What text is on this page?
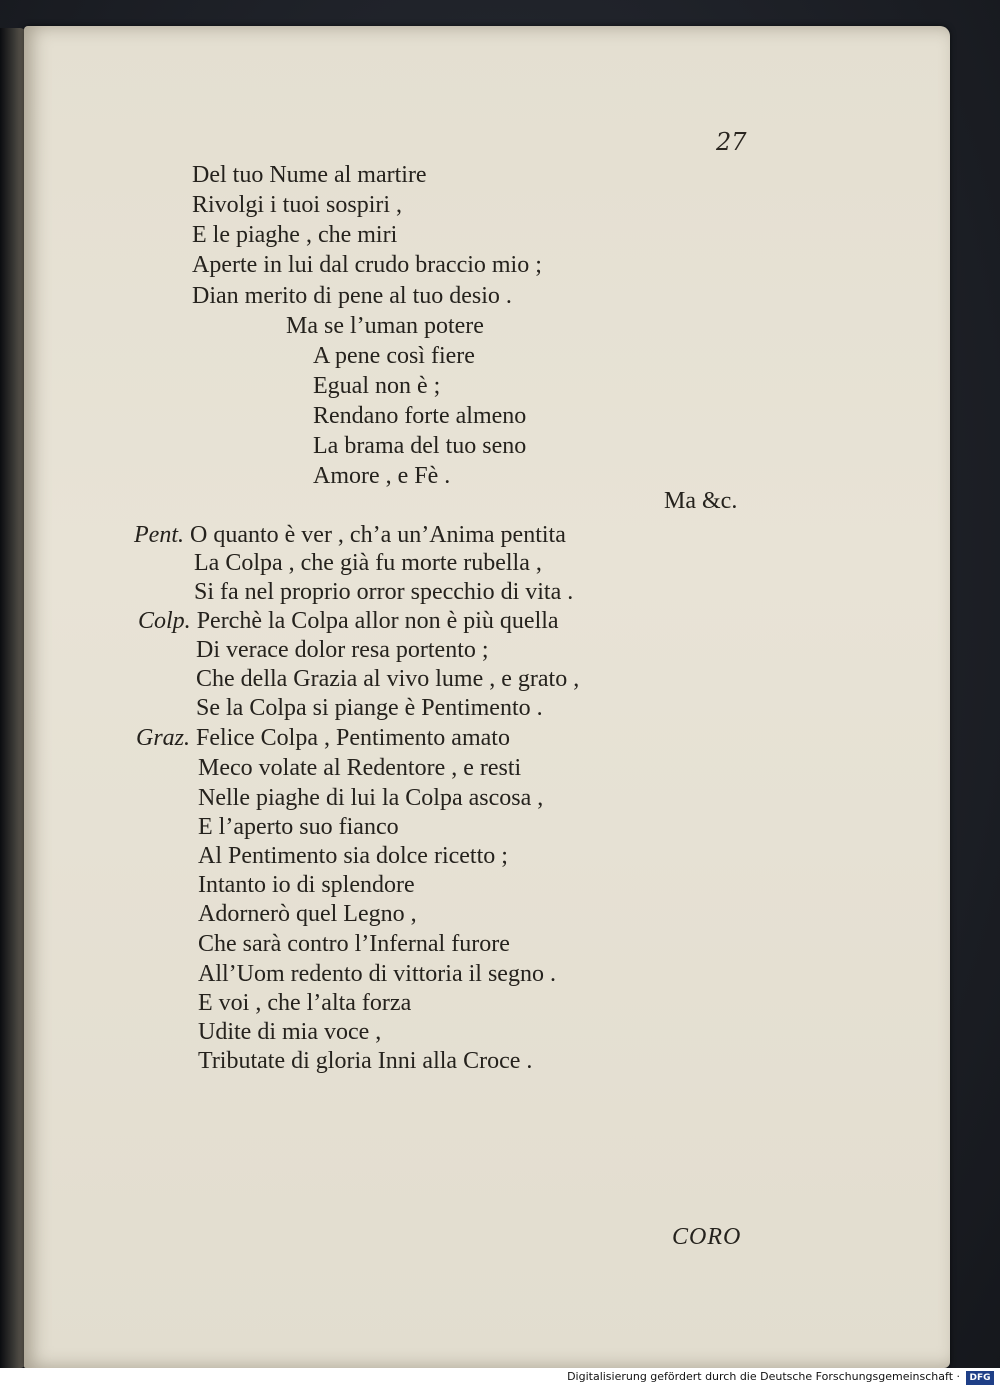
27
Del tuo Nume al martire
Rivolgi i tuoi sospiri ,
E le piaghe , che miri
Aperte in lui dal crudo braccio mio ;
Dian merito di pene al tuo desio .
Ma se l’uman potere
A pene così fiere
Egual non è ;
Rendano forte almeno
La brama del tuo seno
Amore , e Fè .
Ma &c.
Pent. O quanto è ver , ch’a un’Anima pentita
La Colpa , che già fu morte rubella ,
Si fa nel proprio orror specchio di vita .
Colp. Perchè la Colpa allor non è più quella
Di verace dolor resa portento ;
Che della Grazia al vivo lume , e grato ,
Se la Colpa si piange è Pentimento .
Graz. Felice Colpa , Pentimento amato
Meco volate al Redentore , e resti
Nelle piaghe di lui la Colpa ascosa ,
E l’aperto suo fianco
Al Pentimento sia dolce ricetto ;
Intanto io di splendore
Adornerò quel Legno ,
Che sarà contro l’Infernal furore
All’Uom redento di vittoria il segno .
E voi , che l’alta forza
Udite di mia voce ,
Tributate di gloria Inni alla Croce .
CORO
Digitalisierung gefördert durch die Deutsche Forschungsgemeinschaft ·	DFG
